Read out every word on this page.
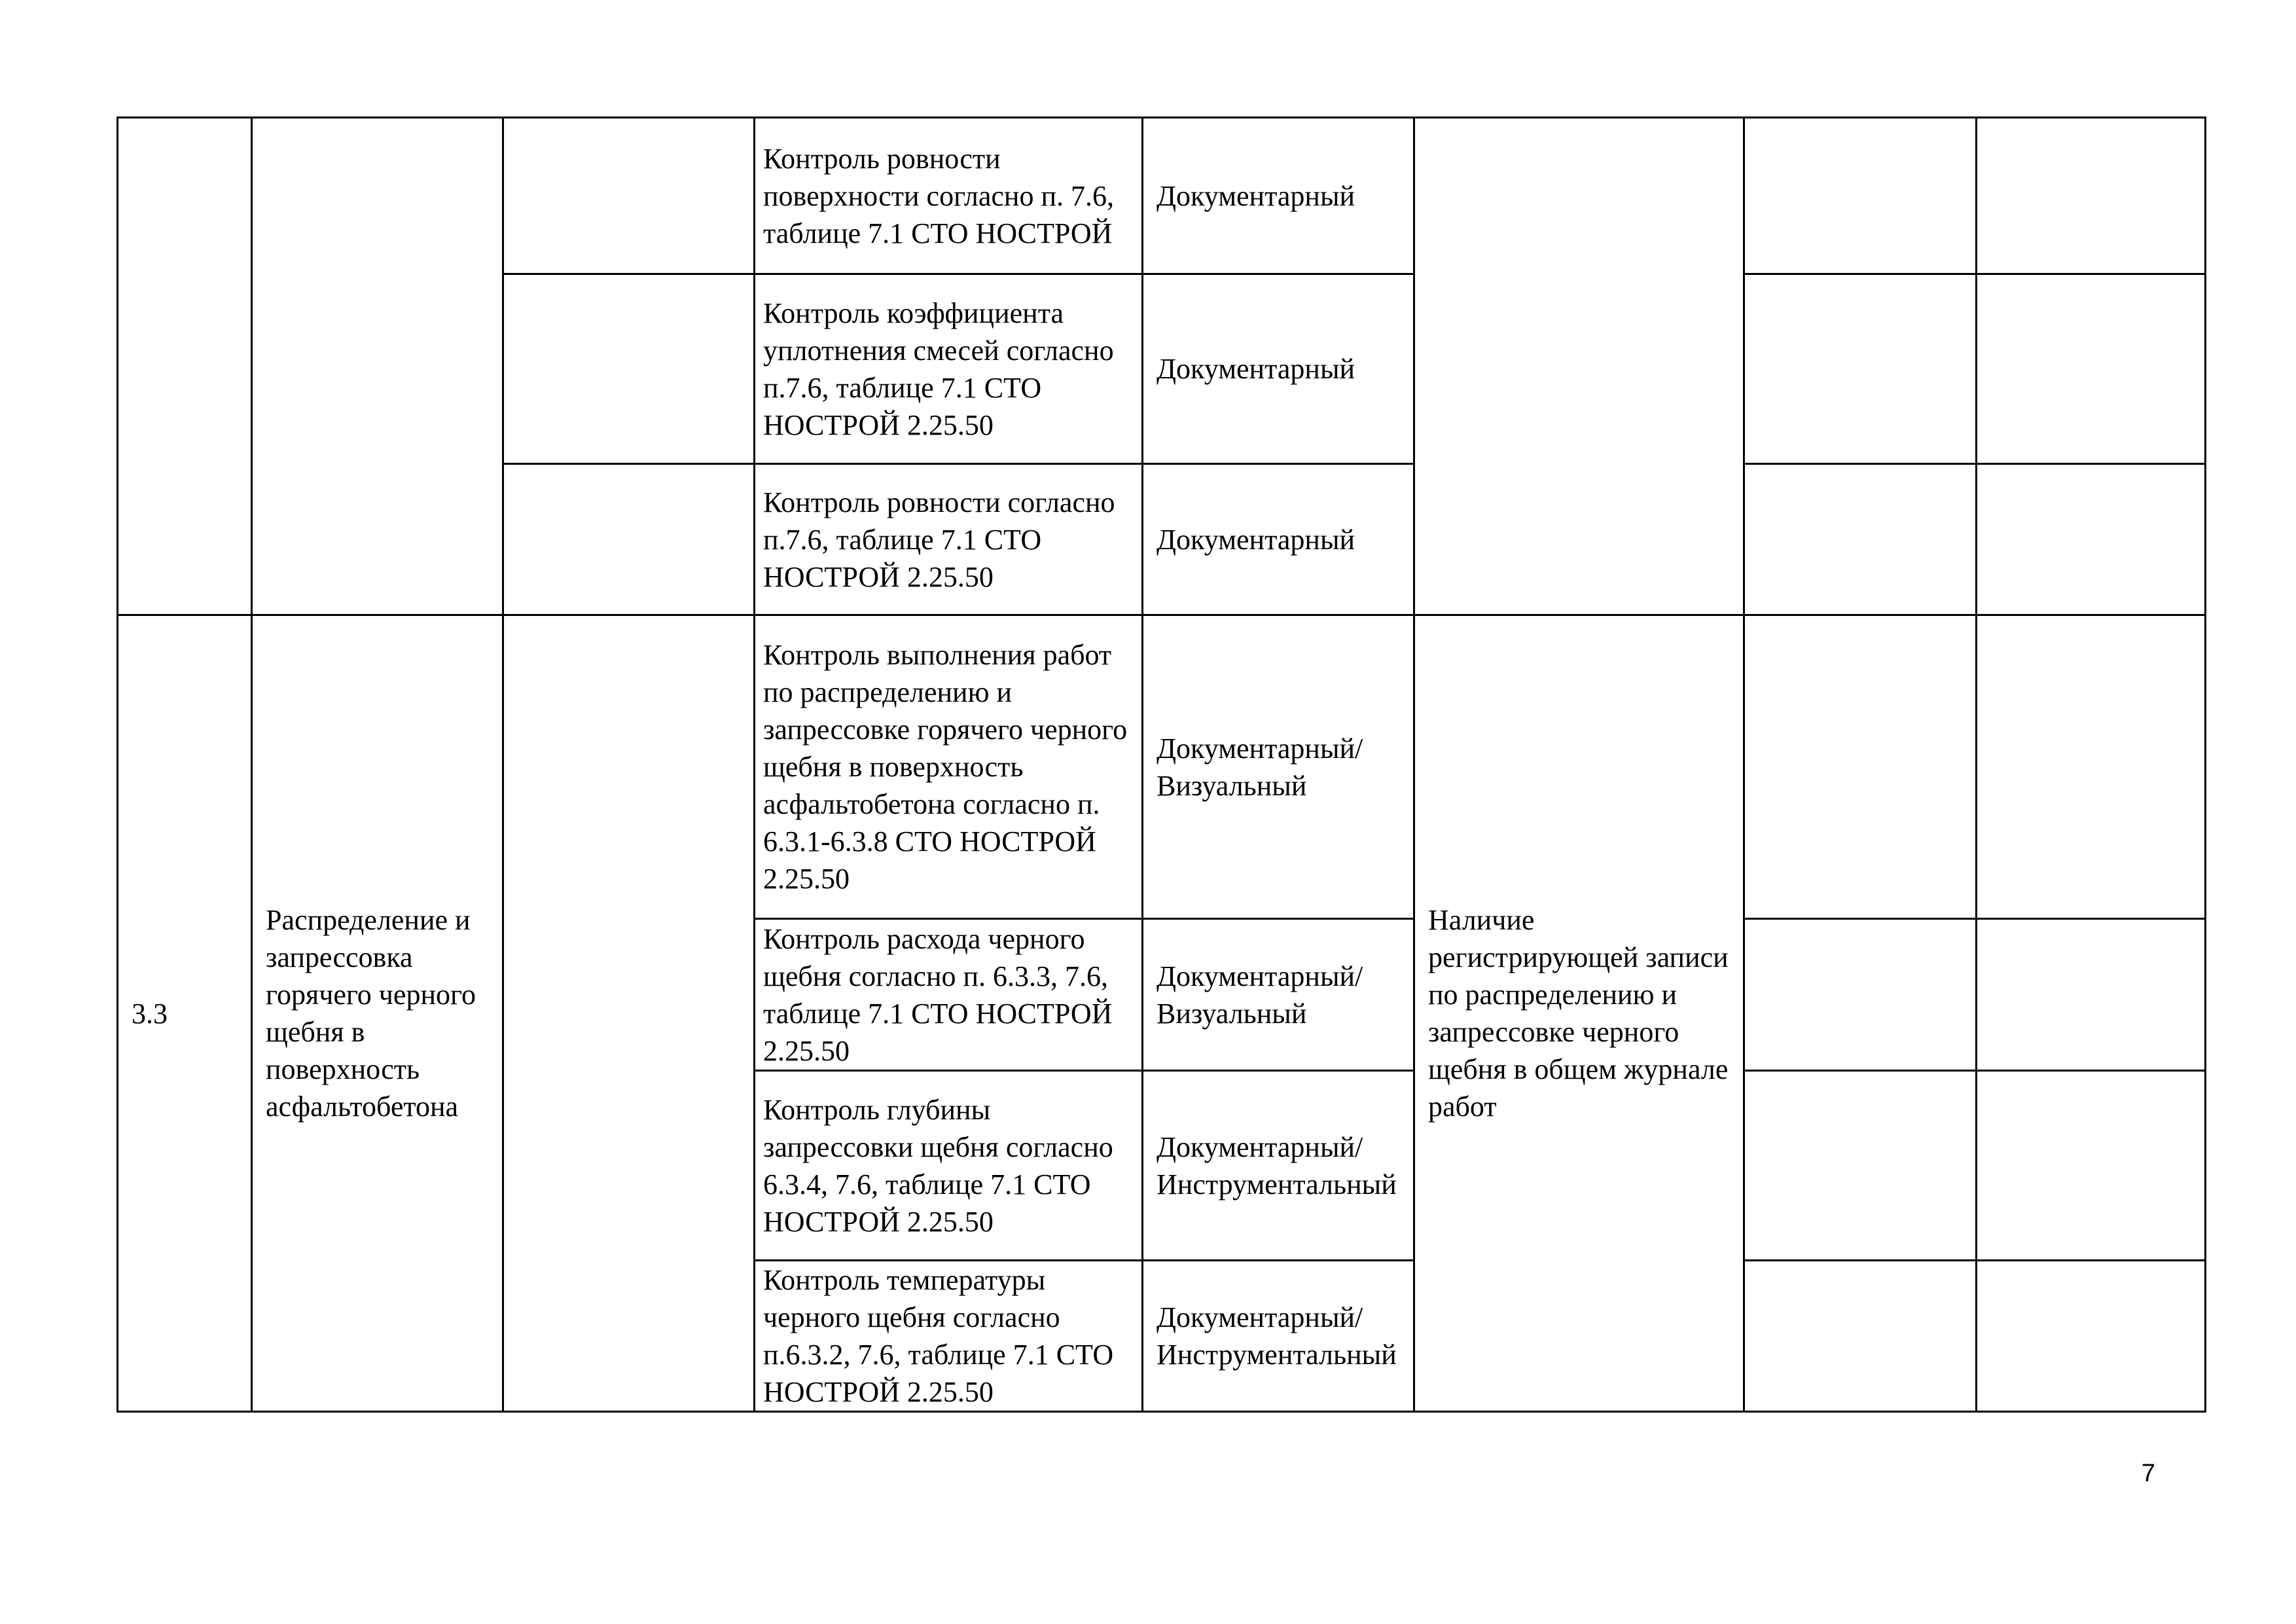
			Контроль ровности поверхности согласно п. 7.6, таблице 7.1 СТО НОСТРОЙ	Документарный			
			Контроль коэффициента уплотнения смесей согласно п.7.6, таблице 7.1 СТО НОСТРОЙ 2.25.50	Документарный			
			Контроль ровности согласно п.7.6, таблице 7.1 СТО НОСТРОЙ 2.25.50	Документарный			
3.3	Распределение и запрессовка горячего черного щебня в поверхность асфальтобетона		Контроль выполнения работ по распределению и запрессовке горячего черного щебня в поверхность асфальтобетона согласно п. 6.3.1-6.3.8 СТО НОСТРОЙ 2.25.50	Документарный/ Визуальный	Наличие регистрирующей записи по распределению и запрессовке черного щебня в общем журнале работ		
			Контроль расхода черного щебня согласно п. 6.3.3, 7.6, таблице 7.1 СТО НОСТРОЙ 2.25.50	Документарный/ Визуальный			
			Контроль глубины запрессовки щебня согласно 6.3.4, 7.6, таблице 7.1 СТО НОСТРОЙ 2.25.50	Документарный/ Инструментальный			
			Контроль температуры черного щебня согласно п.6.3.2, 7.6, таблице 7.1 СТО НОСТРОЙ 2.25.50	Документарный/ Инструментальный			
7
